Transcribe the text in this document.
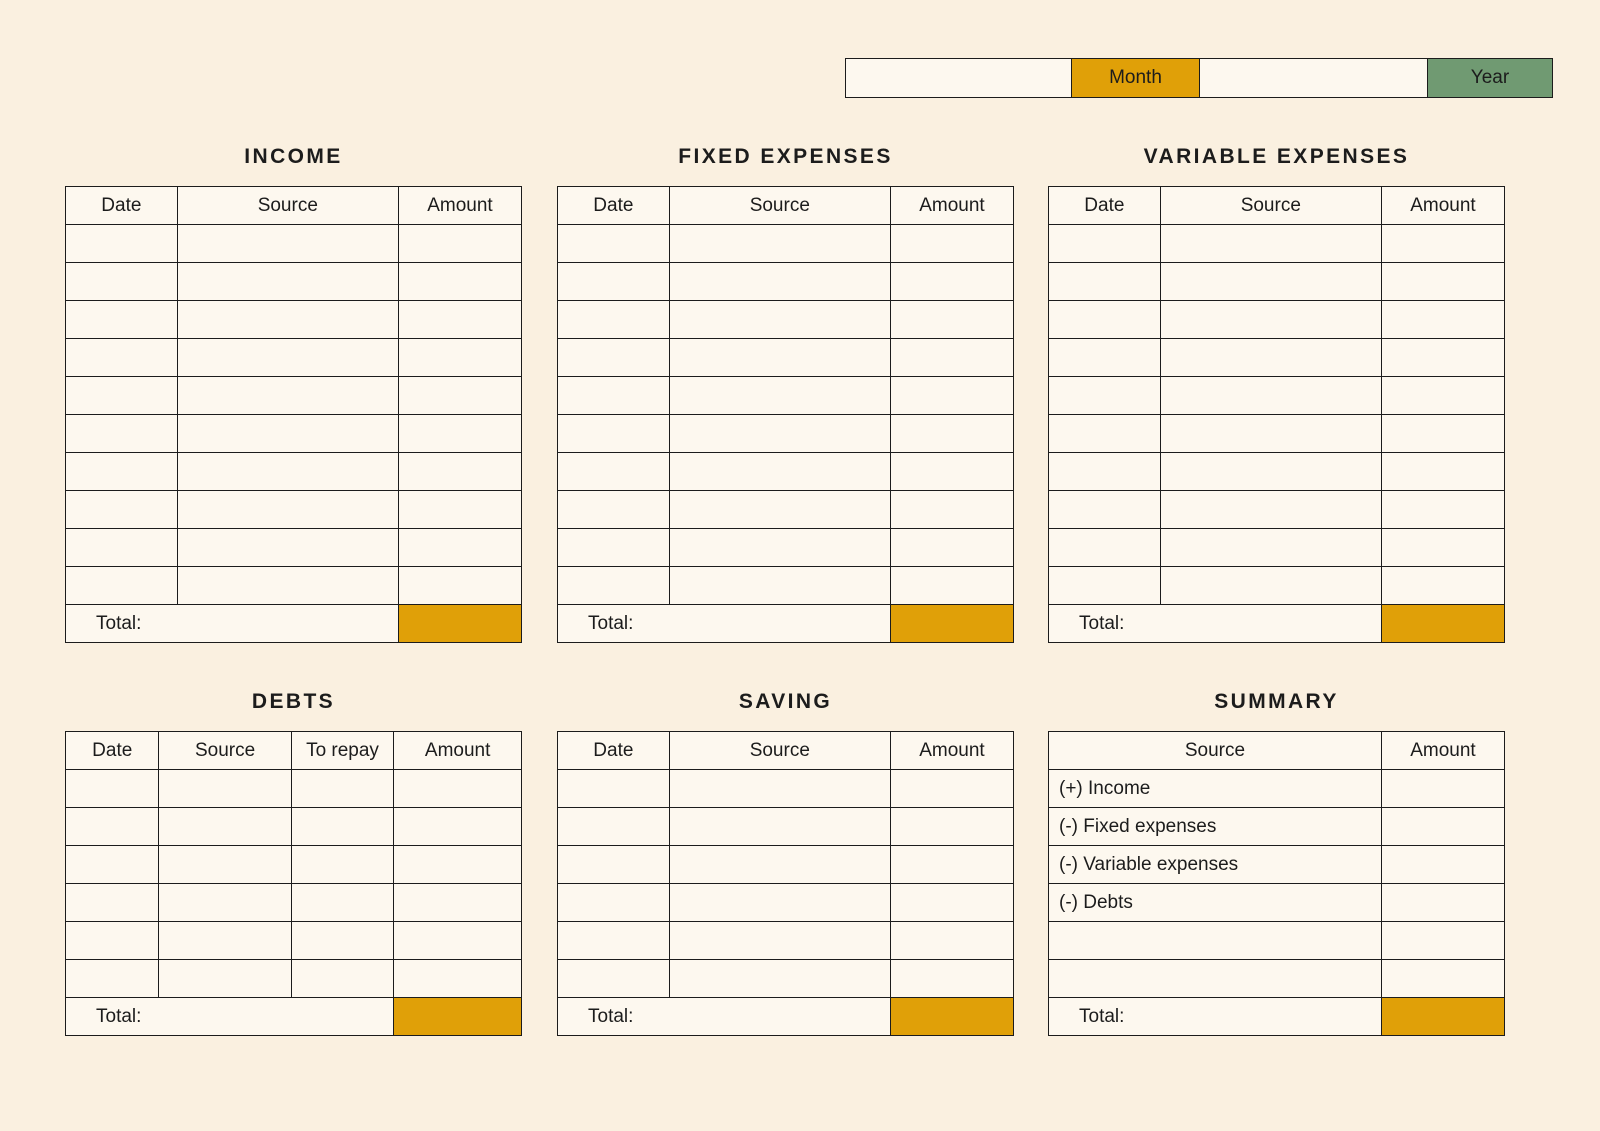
Month	Year
INCOME
Date	Source	Amount

Total:		
FIXED EXPENSES
Date	Source	Amount

Total:		
VARIABLE EXPENSES
Date	Source	Amount

Total:		
DEBTS
Date	Source	To repay	Amount

Total:			
SAVING
Date	Source	Amount

Total:		
SUMMARY
Source	Amount
(+) Income	
(-) Fixed expenses	
(-) Variable expenses	
(-) Debts	

Total:	
